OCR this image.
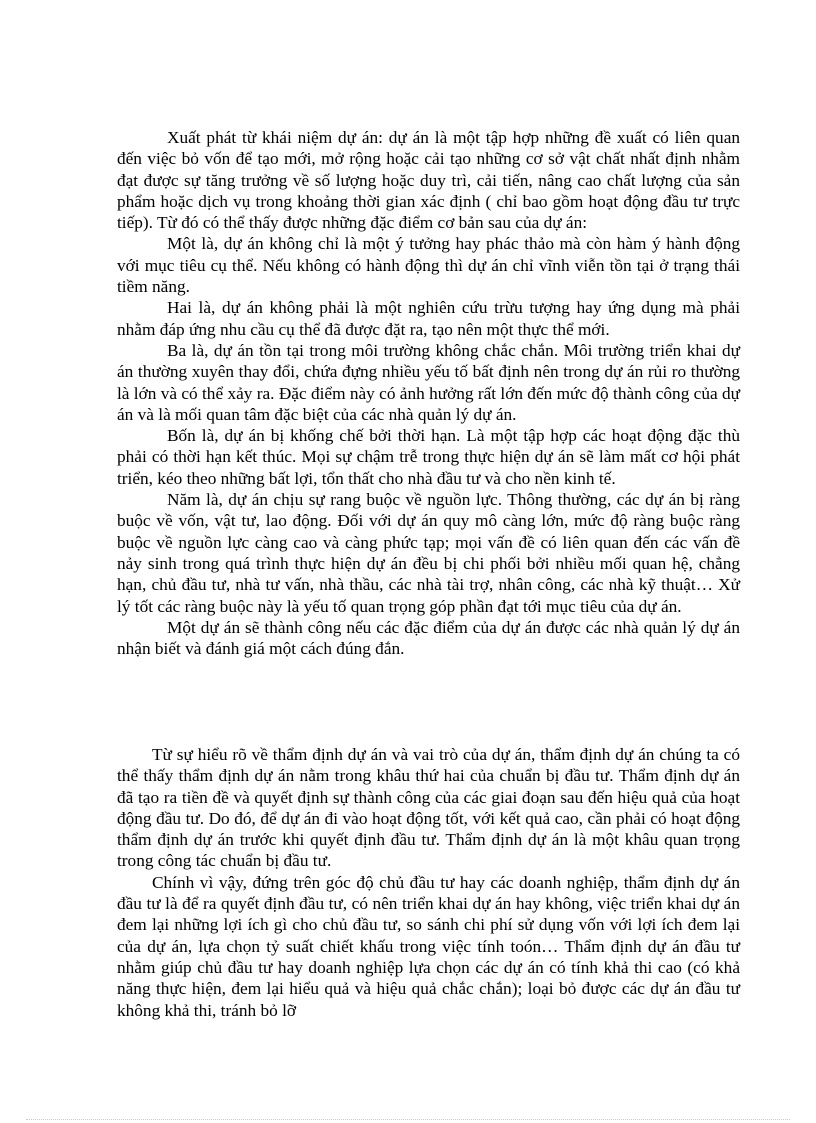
Xuất phát từ khái niệm dự án: dự án là một tập hợp những đề xuất có liên quan đến việc bỏ vốn để tạo mới, mở rộng hoặc cải tạo những cơ sở vật chất nhất định nhằm đạt được sự tăng trưởng về số lượng hoặc duy trì, cải tiến, nâng cao chất lượng của sản phẩm hoặc dịch vụ trong khoảng thời gian xác định ( chỉ bao gồm hoạt động đầu tư trực tiếp). Từ đó có thể thấy được những đặc điểm cơ bản sau của dự án:

Một là, dự án không chỉ là một ý tưởng hay phác thảo mà còn hàm ý hành động với mục tiêu cụ thể. Nếu không có hành động thì dự án chỉ vĩnh viễn tồn tại ở trạng thái tiềm năng.

Hai là, dự án không phải là một nghiên cứu trừu tượng hay ứng dụng mà phải nhằm đáp ứng nhu cầu cụ thể đã được đặt ra, tạo nên một thực thể mới.

Ba là, dự án tồn tại trong môi trường không chắc chắn. Môi trường triển khai dự án thường xuyên thay đổi, chứa đựng nhiều yếu tố bất định nên trong dự án rủi ro thường là lớn và có thể xảy ra. Đặc điểm này có ảnh hưởng rất lớn đến mức độ thành công của dự án và là mối quan tâm đặc biệt của các nhà quản lý dự án.

Bốn là, dự án bị khống chế bởi thời hạn. Là một tập hợp các hoạt động đặc thù phải có thời hạn kết thúc. Mọi sự chậm trễ trong thực hiện dự án sẽ làm mất cơ hội phát triển, kéo theo những bất lợi, tổn thất cho nhà đầu tư và cho nền kinh tế.

Năm là, dự án chịu sự rang buộc về nguồn lực. Thông thường, các dự án bị ràng buộc về vốn, vật tư, lao động. Đối với dự án quy mô càng lớn, mức độ ràng buộc ràng buộc về nguồn lực càng cao và càng phức tạp; mọi vấn đề có liên quan đến các vấn đề nảy sinh trong quá trình thực hiện dự án đều bị chi phối bởi nhiều mối quan hệ, chẳng hạn, chủ đầu tư, nhà tư vấn, nhà thầu, các nhà tài trợ, nhân công, các nhà kỹ thuật… Xử lý tốt các ràng buộc này là yếu tố quan trọng góp phần đạt tới mục tiêu của dự án.

Một dự án sẽ thành công nếu các đặc điểm của dự án được các nhà quản lý dự án nhận biết và đánh giá một cách đúng đắn.

Từ sự hiểu rõ về thẩm định dự án và vai trò của dự án, thẩm định dự án chúng ta có thể thấy thẩm định dự án nằm trong khâu thứ hai của chuẩn bị đầu tư. Thẩm định dự án đã tạo ra tiền đề và quyết định sự thành công của các giai đoạn sau đến hiệu quả của hoạt động đầu tư. Do đó, để dự án đi vào hoạt động tốt, với kết quả cao, cần phải có hoạt động thẩm định dự án trước khi quyết định đầu tư. Thẩm định dự án là một khâu quan trọng trong công tác chuẩn bị đầu tư.

Chính vì vậy, đứng trên góc độ chủ đầu tư hay các doanh nghiệp, thẩm định dự án đầu tư là để ra quyết định đầu tư, có nên triển khai dự án hay không, việc triển khai dự án đem lại những lợi ích gì cho chủ đầu tư, so sánh chi phí sử dụng vốn với lợi ích đem lại của dự án, lựa chọn tỷ suất chiết khấu trong việc tính toón… Thẩm định dự án đầu tư nhằm giúp chủ đầu tư hay doanh nghiệp lựa chọn các dự án có tính khả thi cao (có khả năng thực hiện, đem lại hiểu quả và hiệu quả chắc chắn); loại bỏ được các dự án đầu tư không khả thi, tránh bỏ lỡ
